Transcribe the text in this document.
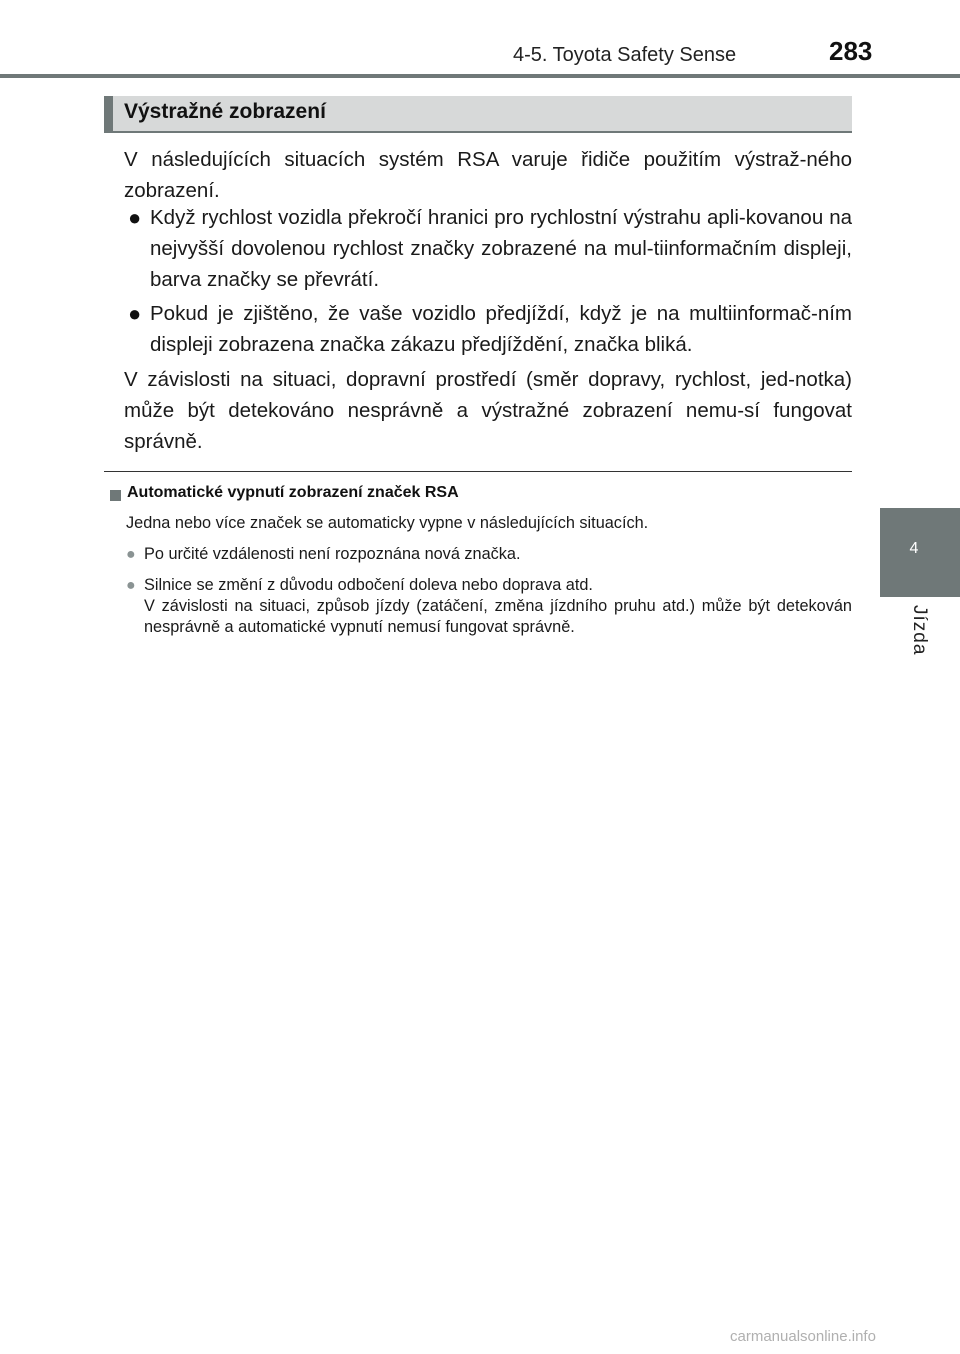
4-5. Toyota Safety Sense	283
4
Jízda
Výstražné zobrazení
V následujících situacích systém RSA varuje řidiče použitím výstraž-ného zobrazení.
● Když rychlost vozidla překročí hranici pro rychlostní výstrahu apli-kovanou na nejvyšší dovolenou rychlost značky zobrazené na mul-tiinformačním displeji, barva značky se převrátí.
● Pokud je zjištěno, že vaše vozidlo předjíždí, když je na multiinformač-ním displeji zobrazena značka zákazu předjíždění, značka bliká.
V závislosti na situaci, dopravní prostředí (směr dopravy, rychlost, jed-notka) může být detekováno nesprávně a výstražné zobrazení nemu-sí fungovat správně.
Automatické vypnutí zobrazení značek RSA
Jedna nebo více značek se automaticky vypne v následujících situacích.
● Po určité vzdálenosti není rozpoznána nová značka.
● Silnice se změní z důvodu odbočení doleva nebo doprava atd.
V závislosti na situaci, způsob jízdy (zatáčení, změna jízdního pruhu atd.) může být detekován nesprávně a automatické vypnutí nemusí fungovat správně.
carmanualsonline.info
